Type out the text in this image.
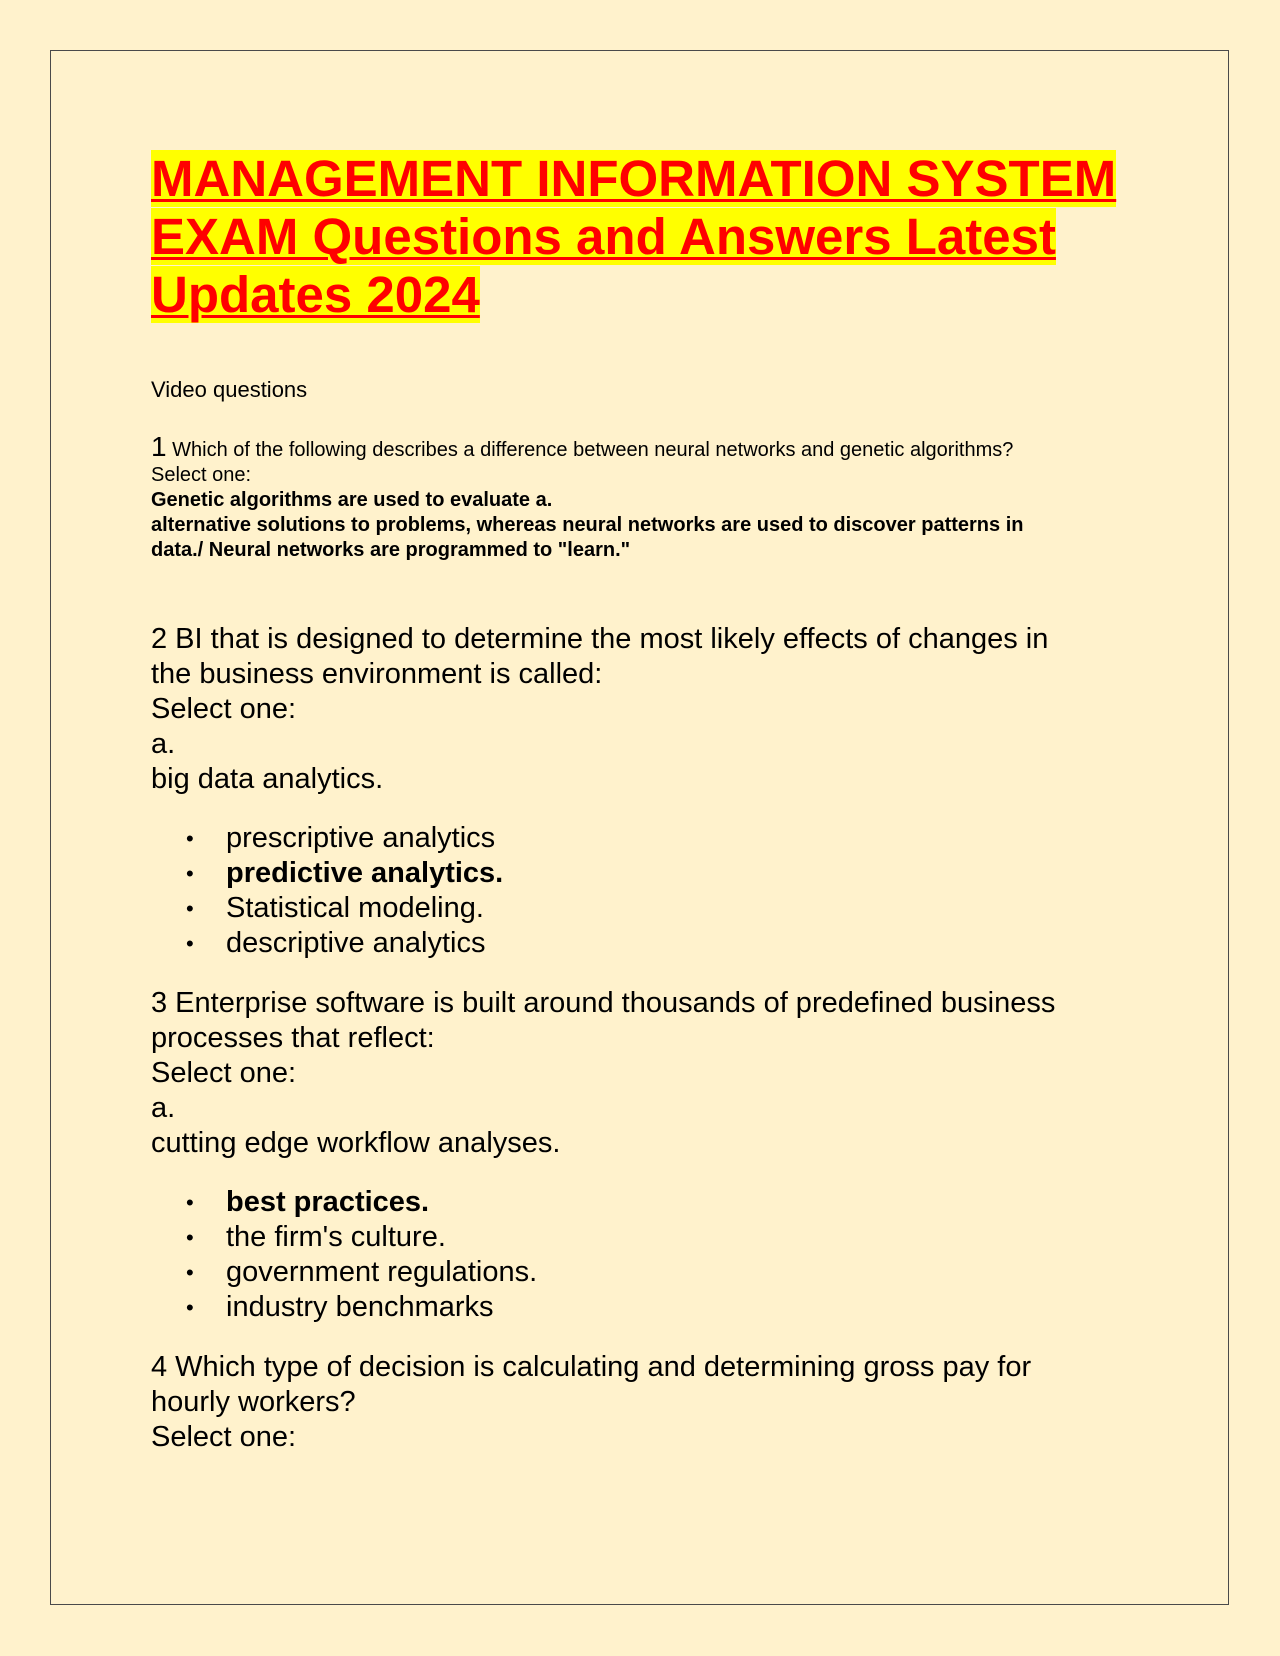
MANAGEMENT INFORMATION SYSTEM
EXAM Questions and Answers Latest
Updates 2024

Video questions

1 Which of the following describes a difference between neural networks and genetic algorithms?
Select one:

Genetic algorithms are used to evaluate a.

alternative solutions to problems, whereas neural networks are used to discover patterns in

data./ Neural networks are programmed to "learn."

2 BI that is designed to determine the most likely effects of changes in

the business environment is called:

Select one:

a.

big data analytics.

• prescriptive analytics
• predictive analytics.
• Statistical modeling.
• descriptive analytics

3 Enterprise software is built around thousands of predefined business

processes that reflect:

Select one:

a.

cutting edge workflow analyses.

• best practices.
• the firm's culture.
• government regulations.
• industry benchmarks

4 Which type of decision is calculating and determining gross pay for

hourly workers?

Select one:
